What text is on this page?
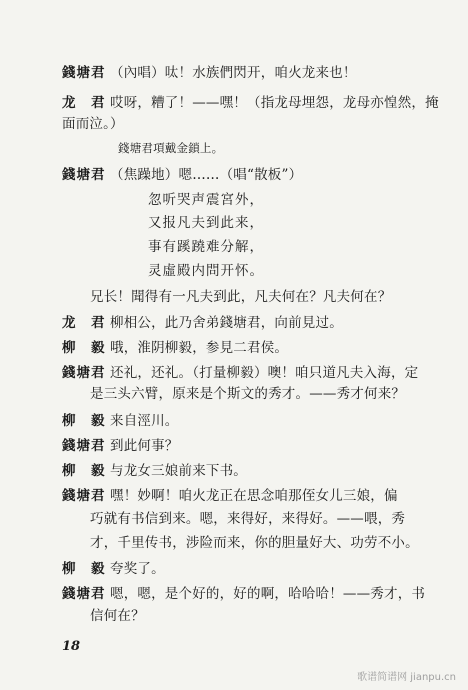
錢塘君 （內唱）呔！水族們閃开，咱火龙来也！
龙　君 哎呀，糟了！——嘿！（指龙母埋怨，龙母亦惶然，掩
面而泣。）
錢塘君項戴金鎖上。
錢塘君 （焦躁地）嗯……（唱“散板”）
忽听哭声震宮外，
又报凡夫到此来，
事有蹊蹺难分解，
灵虛殿内問开怀。
兄长！聞得有一凡夫到此，凡夫何在？凡夫何在？
龙　君 柳相公，此乃舍弟錢塘君，向前見过。
柳　毅 哦，淮阴柳毅，参見二君侯。
錢塘君 还礼，还礼。（打量柳毅）噢！咱只道凡夫入海，定
是三头六臂，原来是个斯文的秀才。——秀才何来？
柳　毅 来自涇川。
錢塘君 到此何事？
柳　毅 与龙女三娘前来下书。
錢塘君 嘿！妙啊！咱火龙正在思念咱那侄女儿三娘，偏
巧就有书信到来。嗯，来得好，来得好。——喂，秀
才，千里传书，涉险而来，你的胆量好大、功劳不小。
柳　毅 夸奖了。
錢塘君 嗯，嗯，是个好的，好的啊，哈哈哈！——秀才，书
信何在？
18
歌谱简谱网 jianpu.cn
